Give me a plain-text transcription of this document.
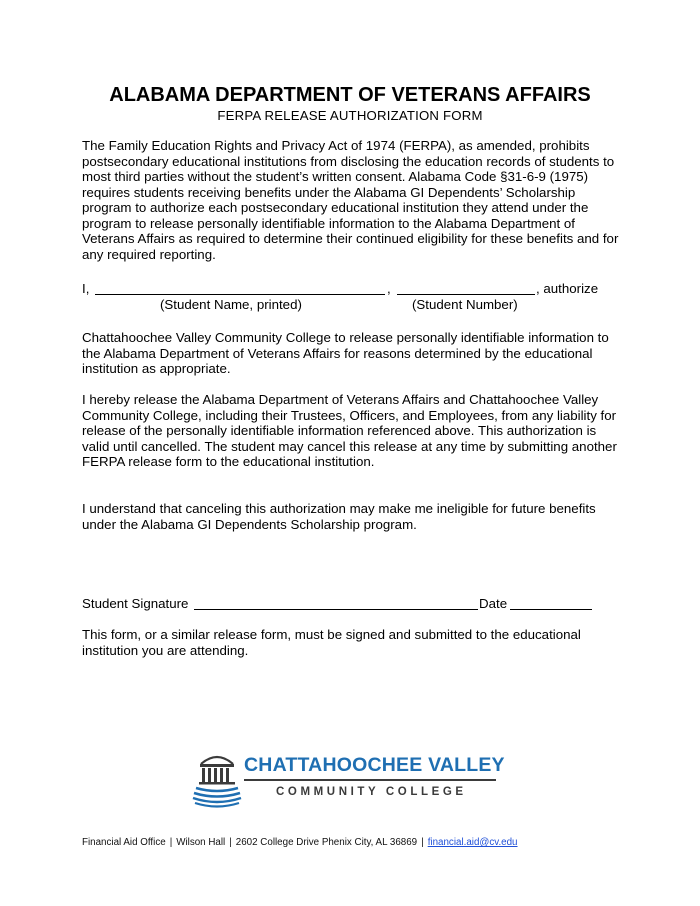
ALABAMA DEPARTMENT OF VETERANS AFFAIRS
FERPA RELEASE AUTHORIZATION FORM

The Family Education Rights and Privacy Act of 1974 (FERPA), as amended, prohibits postsecondary educational institutions from disclosing the education records of students to most third parties without the student’s written consent. Alabama Code §31-6-9 (1975) requires students receiving benefits under the Alabama GI Dependents’ Scholarship program to authorize each postsecondary educational institution they attend under the program to release personally identifiable information to the Alabama Department of Veterans Affairs as required to determine their continued eligibility for these benefits and for any required reporting.

I,	,	, authorize
(Student Name, printed)	(Student Number)

Chattahoochee Valley Community College to release personally identifiable information to the Alabama Department of Veterans Affairs for reasons determined by the educational institution as appropriate.

I hereby release the Alabama Department of Veterans Affairs and Chattahoochee Valley Community College, including their Trustees, Officers, and Employees, from any liability for release of the personally identifiable information referenced above. This authorization is valid until cancelled. The student may cancel this release at any time by submitting another FERPA release form to the educational institution.

I understand that canceling this authorization may make me ineligible for future benefits under the Alabama GI Dependents Scholarship program.

Student Signature	Date

This form, or a similar release form, must be signed and submitted to the educational institution you are attending.

CHATTAHOOCHEE VALLEY
COMMUNITY COLLEGE
Financial Aid Office | Wilson Hall | 2602 College Drive Phenix City, AL 36869 | financial.aid@cv.edu
